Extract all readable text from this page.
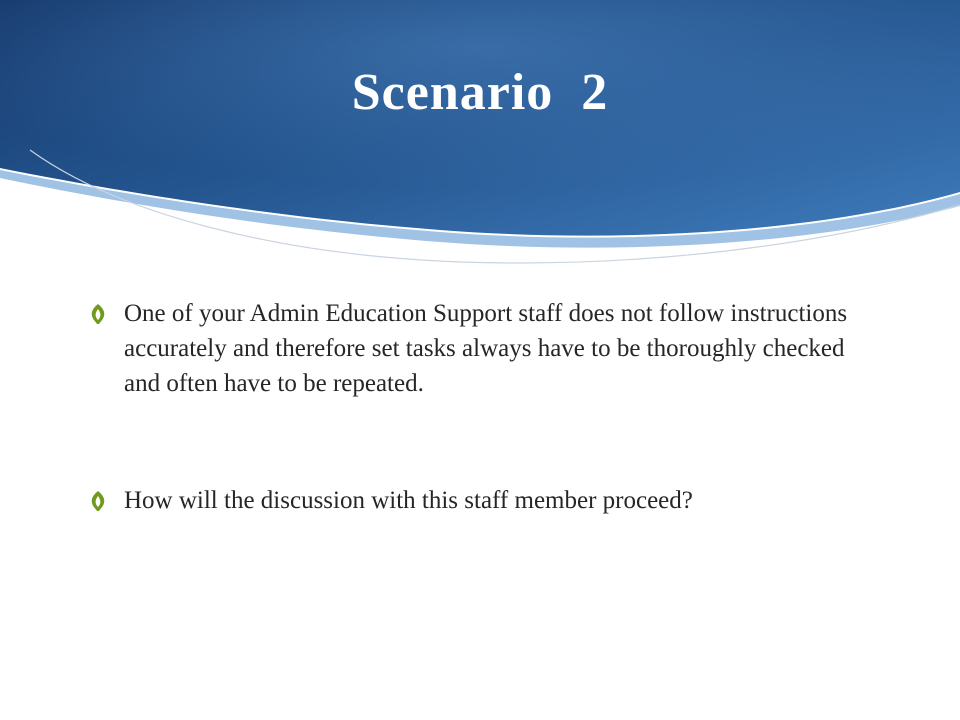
Scenario  2
One of your Admin Education Support staff does not follow instructions accurately and therefore set tasks always have to be thoroughly checked and often have to be repeated.
How will the discussion with this staff member proceed?
